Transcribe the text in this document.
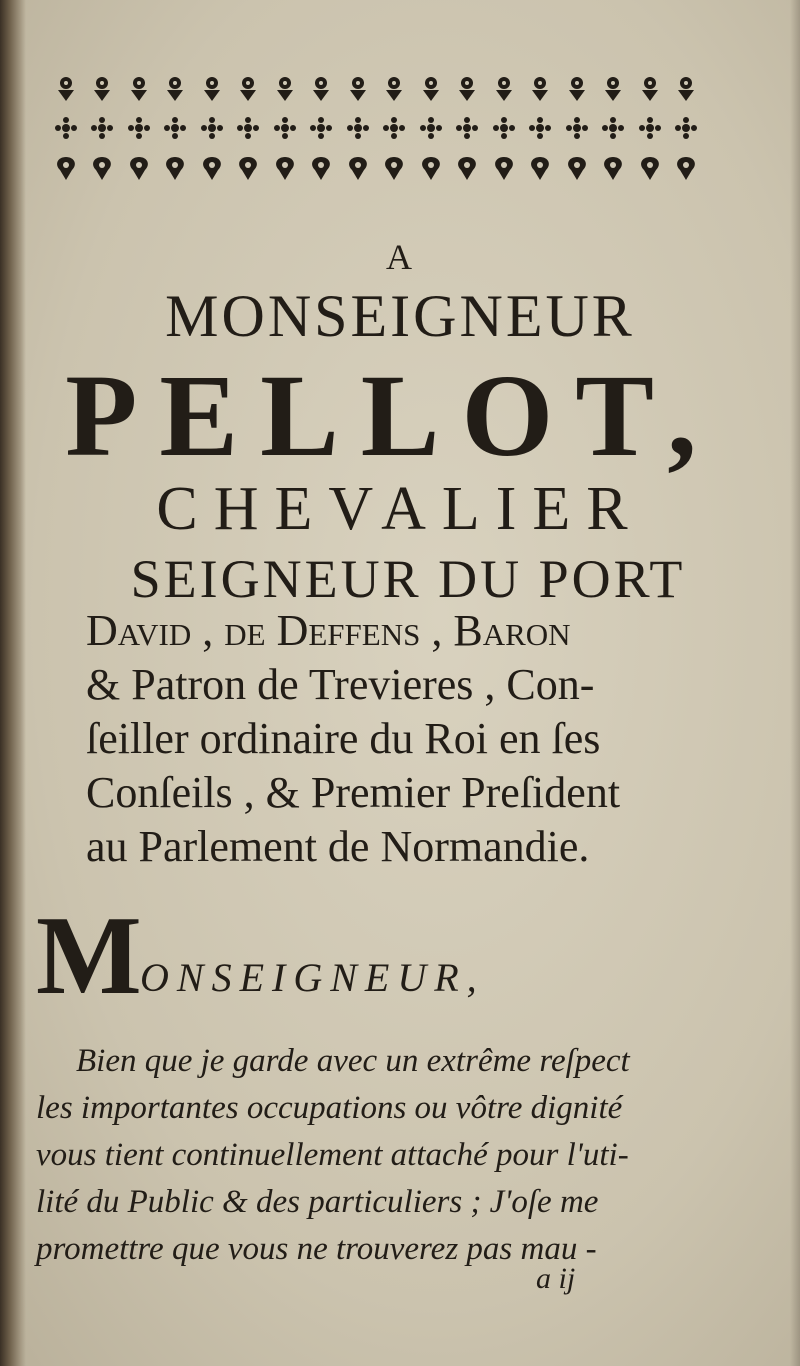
A
MONSEIGNEUR
PELLOT,
CHEVALIER
SEIGNEUR DU PORT
David , de Deffens , Baron
& Patron de Trevieres , Con-
ſeiller ordinaire du Roi en ſes
Conſeils , & Premier Preſident
au Parlement de Normandie.
M
ONSEIGNEUR,
Bien que je garde avec un extrême reſpect
les importantes occupations ou vôtre dignité
vous tient continuellement attaché pour l'uti-
lité du Public & des particuliers ; J'oſe me
promettre que vous ne trouverez pas mau -
a ij
